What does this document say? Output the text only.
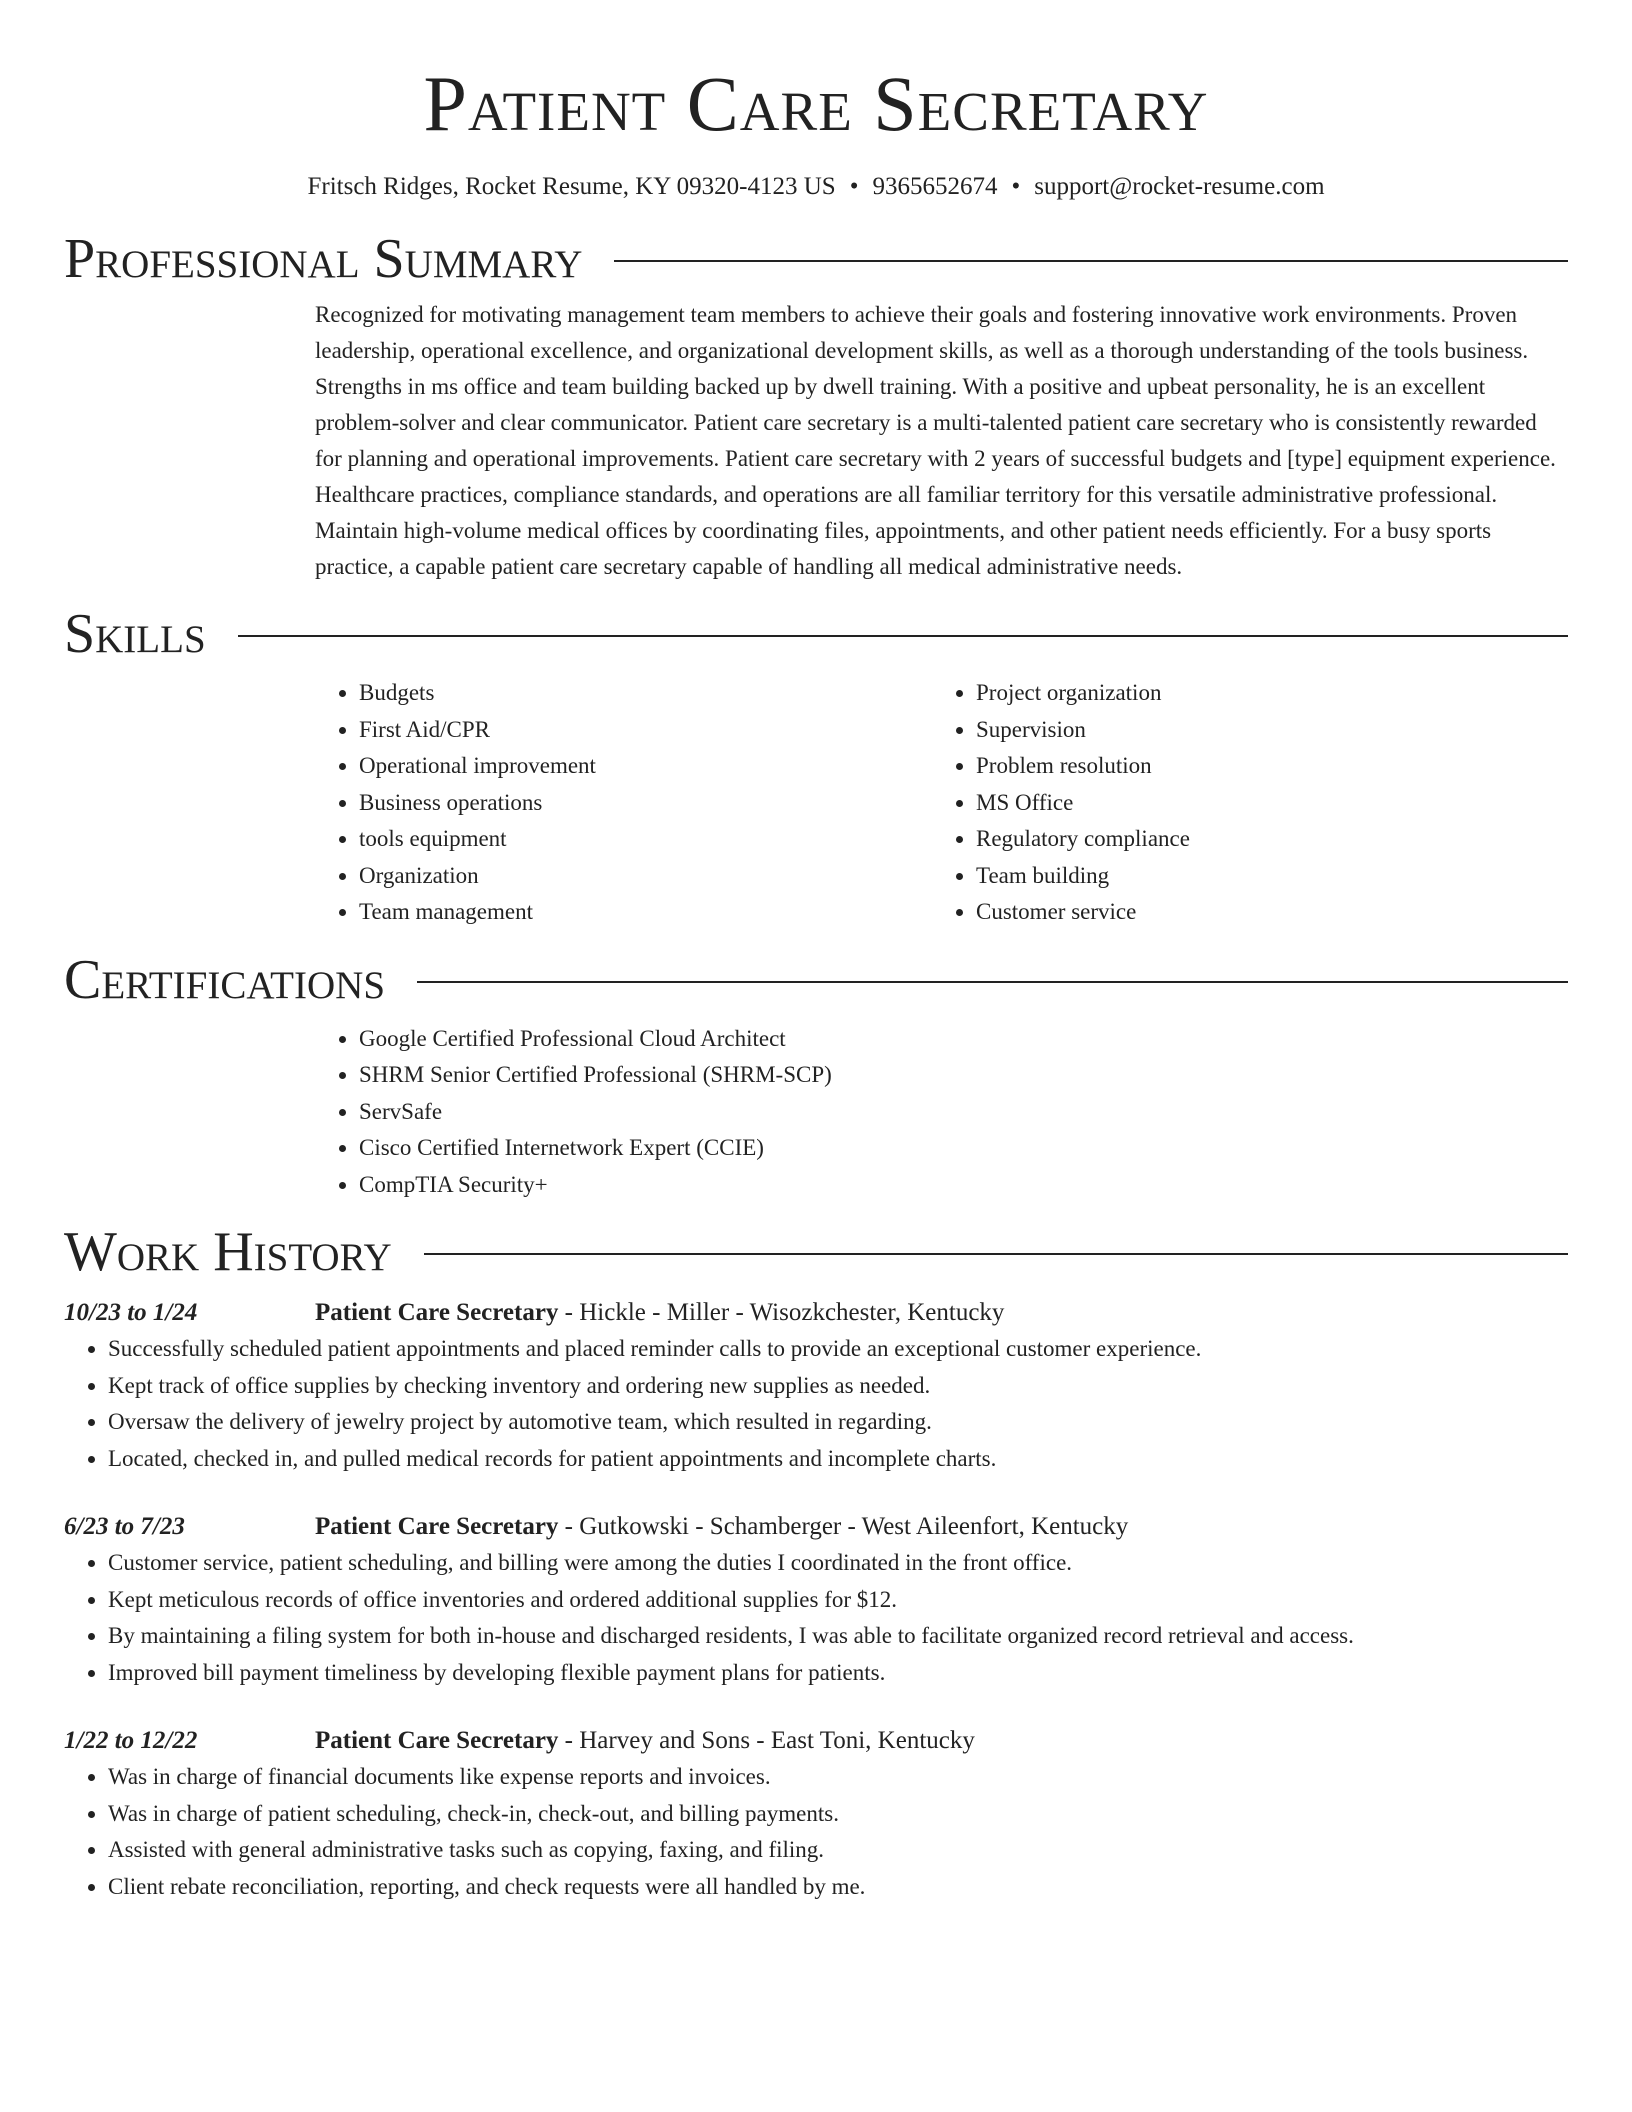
Patient Care Secretary
Fritsch Ridges, Rocket Resume, KY 09320-4123 US • 9365652674 • support@rocket-resume.com
Professional Summary

Recognized for motivating management team members to achieve their goals and fostering innovative work environments. Proven leadership, operational excellence, and organizational development skills, as well as a thorough understanding of the tools business. Strengths in ms office and team building backed up by dwell training. With a positive and upbeat personality, he is an excellent problem-solver and clear communicator. Patient care secretary is a multi-talented patient care secretary who is consistently rewarded for planning and operational improvements. Patient care secretary with 2 years of successful budgets and [type] equipment experience. Healthcare practices, compliance standards, and operations are all familiar territory for this versatile administrative professional. Maintain high-volume medical offices by coordinating files, appointments, and other patient needs efficiently. For a busy sports practice, a capable patient care secretary capable of handling all medical administrative needs.

Skills
• Budgets
• First Aid/CPR
• Operational improvement
• Business operations
• tools equipment
• Organization
• Team management
• Project organization
• Supervision
• Problem resolution
• MS Office
• Regulatory compliance
• Team building
• Customer service
Certifications
• Google Certified Professional Cloud Architect
• SHRM Senior Certified Professional (SHRM-SCP)
• ServSafe
• Cisco Certified Internetwork Expert (CCIE)
• CompTIA Security+
Work History
10/23 to 1/24	Patient Care Secretary - Hickle - Miller - Wisozkchester, Kentucky
• Successfully scheduled patient appointments and placed reminder calls to provide an exceptional customer experience.
• Kept track of office supplies by checking inventory and ordering new supplies as needed.
• Oversaw the delivery of jewelry project by automotive team, which resulted in regarding.
• Located, checked in, and pulled medical records for patient appointments and incomplete charts.
6/23 to 7/23	Patient Care Secretary - Gutkowski - Schamberger - West Aileenfort, Kentucky
• Customer service, patient scheduling, and billing were among the duties I coordinated in the front office.
• Kept meticulous records of office inventories and ordered additional supplies for $12.
• By maintaining a filing system for both in-house and discharged residents, I was able to facilitate organized record retrieval and access.
• Improved bill payment timeliness by developing flexible payment plans for patients.
1/22 to 12/22	Patient Care Secretary - Harvey and Sons - East Toni, Kentucky
• Was in charge of financial documents like expense reports and invoices.
• Was in charge of patient scheduling, check-in, check-out, and billing payments.
• Assisted with general administrative tasks such as copying, faxing, and filing.
• Client rebate reconciliation, reporting, and check requests were all handled by me.
